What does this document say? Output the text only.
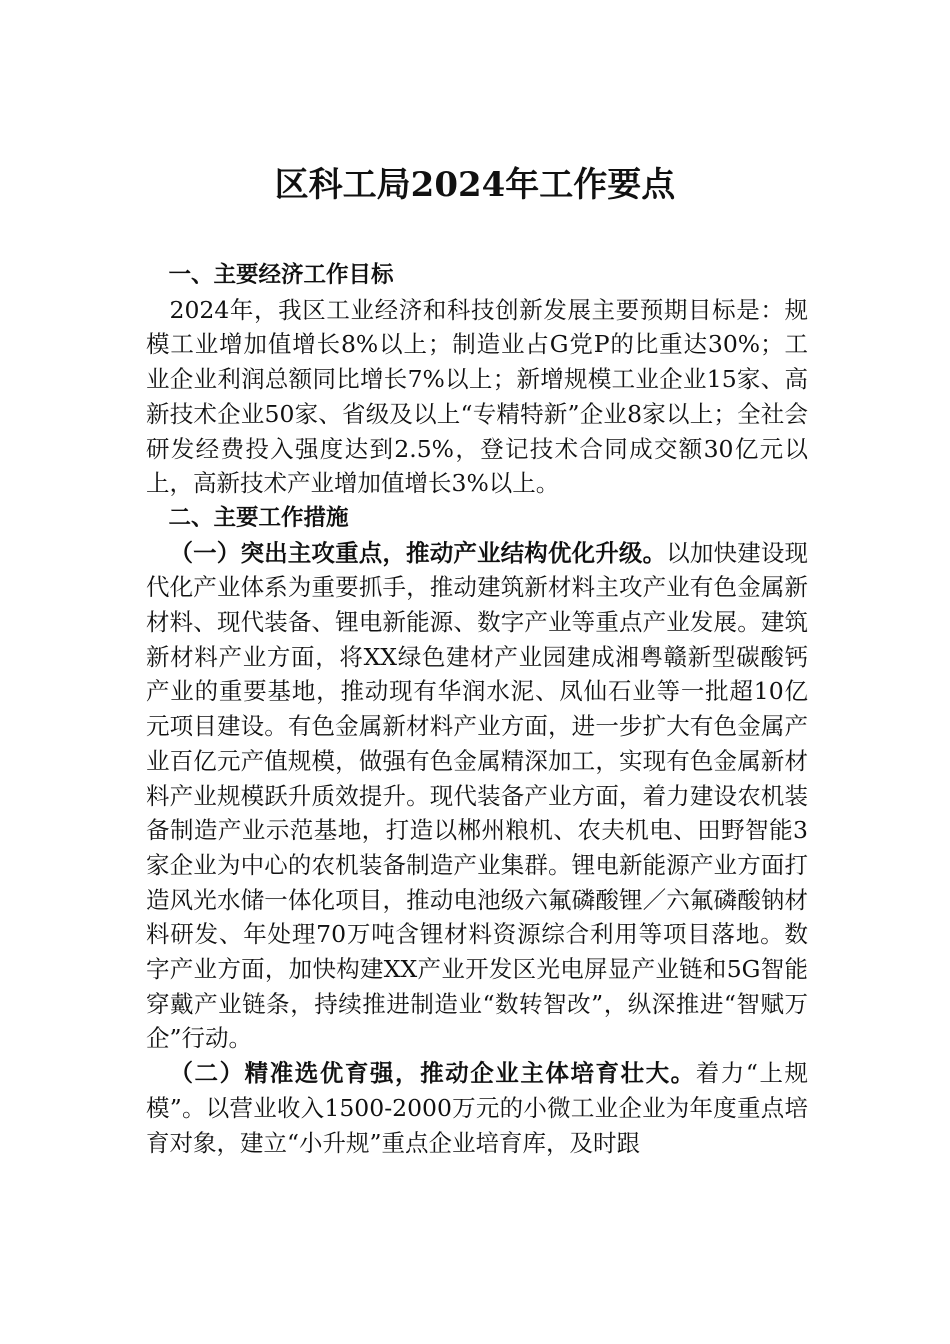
区科工局2024年工作要点

一、主要经济工作目标

2024年，我区工业经济和科技创新发展主要预期目标是：规模工业增加值增长8%以上；制造业占G党P的比重达30%；工业企业利润总额同比增长7%以上；新增规模工业企业15家、高新技术企业50家、省级及以上“专精特新”企业8家以上；全社会研发经费投入强度达到2.5%，登记技术合同成交额30亿元以上，高新技术产业增加值增长3%以上。

二、主要工作措施

（一）突出主攻重点，推动产业结构优化升级。以加快建设现代化产业体系为重要抓手，推动建筑新材料主攻产业有色金属新材料、现代装备、锂电新能源、数字产业等重点产业发展。建筑新材料产业方面，将XX绿色建材产业园建成湘粤赣新型碳酸钙产业的重要基地，推动现有华润水泥、凤仙石业等一批超10亿元项目建设。有色金属新材料产业方面，进一步扩大有色金属产业百亿元产值规模，做强有色金属精深加工，实现有色金属新材料产业规模跃升质效提升。现代装备产业方面，着力建设农机装备制造产业示范基地，打造以郴州粮机、农夫机电、田野智能3家企业为中心的农机装备制造产业集群。锂电新能源产业方面打造风光水储一体化项目，推动电池级六氟磷酸锂／六氟磷酸钠材料研发、年处理70万吨含锂材料资源综合利用等项目落地。数字产业方面，加快构建XX产业开发区光电屏显产业链和5G智能穿戴产业链条，持续推进制造业“数转智改”，纵深推进“智赋万企”行动。

（二）精准选优育强，推动企业主体培育壮大。着力“上规模”。以营业收入1500-2000万元的小微工业企业为年度重点培育对象，建立“小升规”重点企业培育库，及时跟
